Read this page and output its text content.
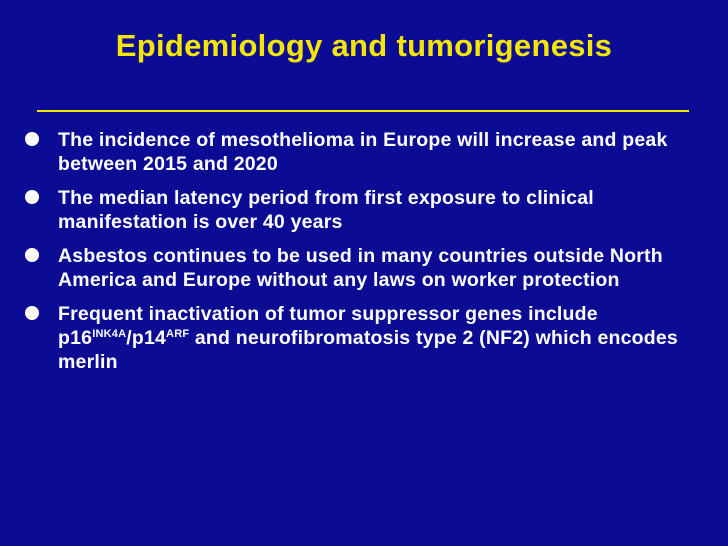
Epidemiology and tumorigenesis
The incidence of mesothelioma in Europe will increase and peak between 2015 and 2020
The median latency period from first exposure to clinical manifestation is over 40 years
Asbestos continues to be used in many countries outside North America and Europe without any laws on worker protection
Frequent inactivation of tumor suppressor genes include $p16^{INK4A}/p14^{ARF}$ and neurofibromatosis type 2 (NF2) which encodes merlin
